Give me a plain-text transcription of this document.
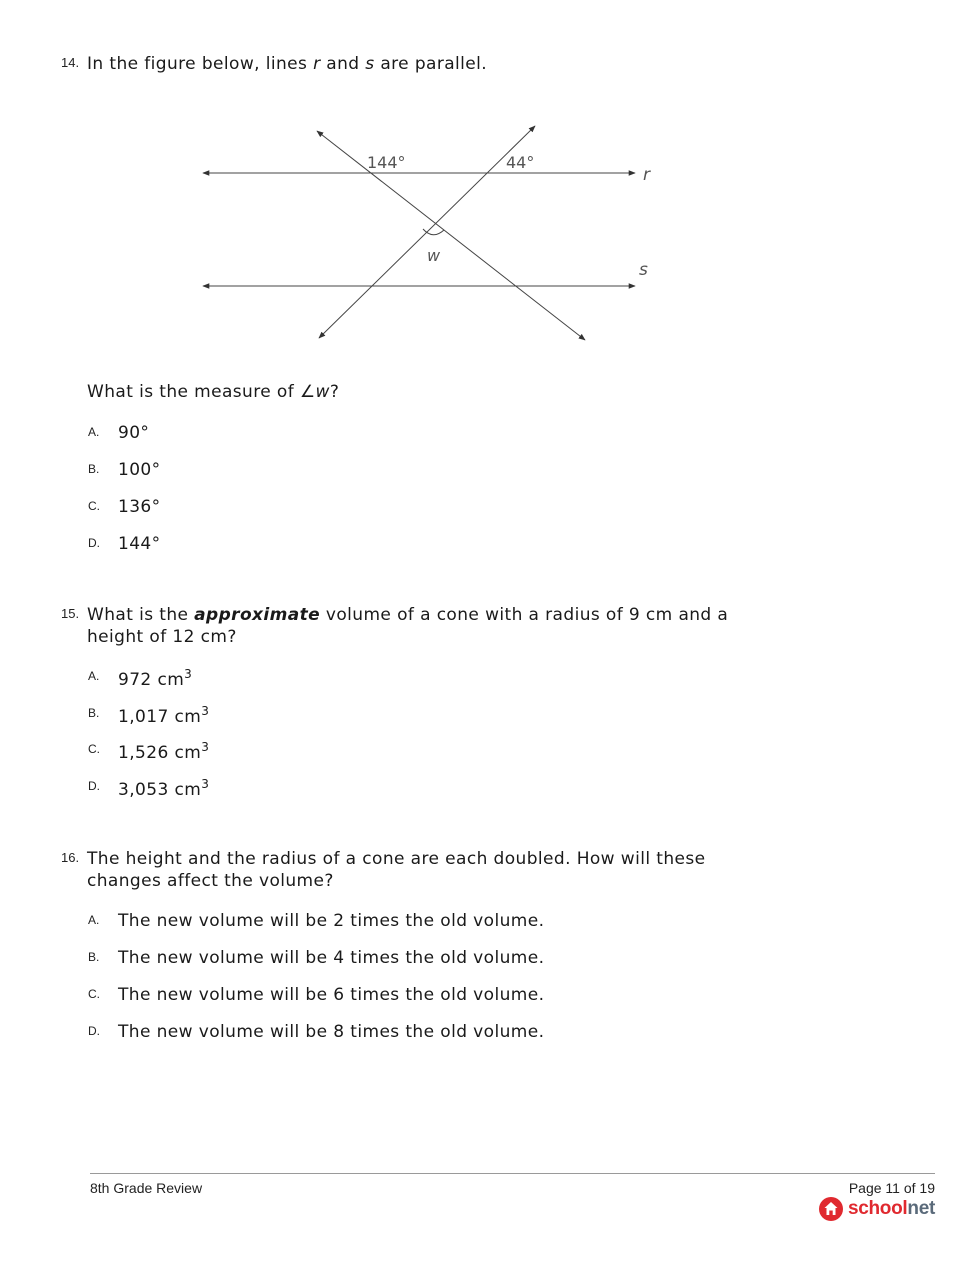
14. In the figure below, lines r and s are parallel.
144°	44°
w
r
s
What is the measure of ∠w?
A. 90°
B. 100°
C. 136°
D. 144°
15. What is the approximate volume of a cone with a radius of 9 cm and a
height of 12 cm?
A. 972 $cm^3$
B. 1,017 $cm^3$
C. 1,526 $cm^3$
D. 3,053 $cm^3$
16. The height and the radius of a cone are each doubled. How will these
changes affect the volume?
A. The new volume will be 2 times the old volume.
B. The new volume will be 4 times the old volume.
C. The new volume will be 6 times the old volume.
D. The new volume will be 8 times the old volume.
8th Grade Review	Page 11 of 19
schoolnet
